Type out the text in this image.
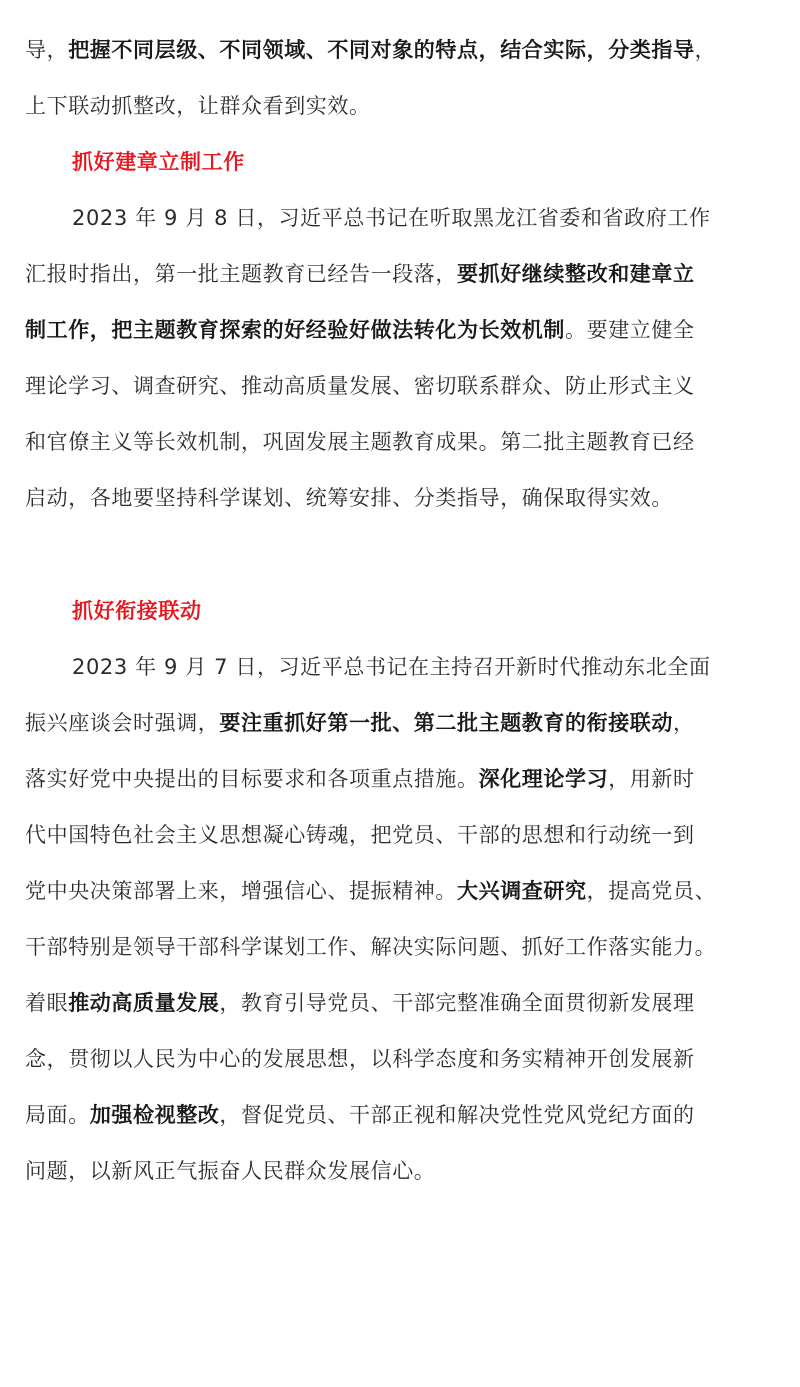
导，把握不同层级、不同领域、不同对象的特点，结合实际，分类指导，
上下联动抓整改，让群众看到实效。
抓好建章立制工作
2023 年 9 月 8 日，习近平总书记在听取黑龙江省委和省政府工作
汇报时指出，第一批主题教育已经告一段落，要抓好继续整改和建章立
制工作，把主题教育探索的好经验好做法转化为长效机制。要建立健全
理论学习、调查研究、推动高质量发展、密切联系群众、防止形式主义
和官僚主义等长效机制，巩固发展主题教育成果。第二批主题教育已经
启动，各地要坚持科学谋划、统筹安排、分类指导，确保取得实效。
抓好衔接联动
2023 年 9 月 7 日，习近平总书记在主持召开新时代推动东北全面
振兴座谈会时强调，要注重抓好第一批、第二批主题教育的衔接联动，
落实好党中央提出的目标要求和各项重点措施。深化理论学习，用新时
代中国特色社会主义思想凝心铸魂，把党员、干部的思想和行动统一到
党中央决策部署上来，增强信心、提振精神。大兴调查研究，提高党员、
干部特别是领导干部科学谋划工作、解决实际问题、抓好工作落实能力。
着眼推动高质量发展，教育引导党员、干部完整准确全面贯彻新发展理
念，贯彻以人民为中心的发展思想，以科学态度和务实精神开创发展新
局面。加强检视整改，督促党员、干部正视和解决党性党风党纪方面的
问题，以新风正气振奋人民群众发展信心。
